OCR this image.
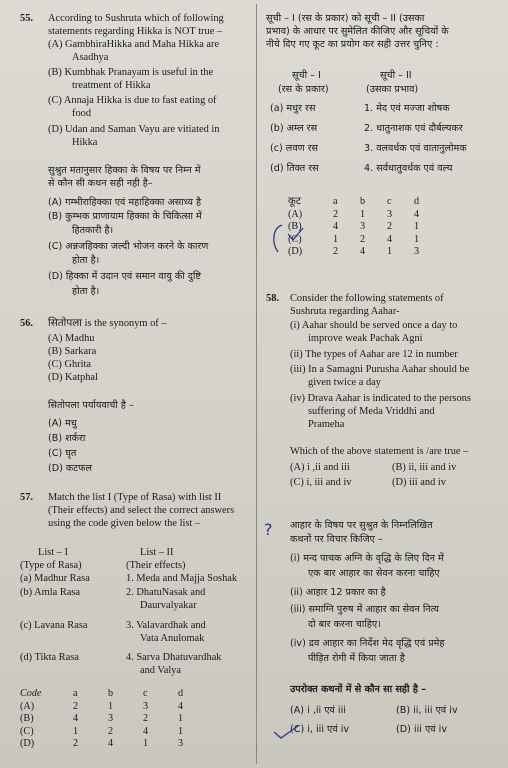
55. According to Sushruta which of following
statements regarding Hikka is NOT true –
(A) GambhiraHikka and Maha Hikka are
Asadhya
(B) Kumbhak Pranayam is useful in the
treatment of Hikka
(C) Annaja Hikka is due to fast eating of
food
(D) Udan and Saman Vayu are vitiated in
Hikka
सुश्रुत मतानुसार हिक्का के विषय पर निम्न में
से कौन सी कथन सही नही है–
(A) गम्भीराहिक्का एवं महाहिक्का असाध्य है
(B) कुम्भक प्राणायाम हिक्का के चिकित्सा में
हितकारी है।
(C) अन्नजहिक्का जल्दी भोजन करने के कारण
होता है।
(D) हिक्का में उदान एवं समान वायु की दुष्टि
होता है।
56. सितोपला is the synonym of –
(A) Madhu
(B) Sarkara
(C) Ghrita
(D) Katphal
सितोपला पर्यायवाची है –
(A) मधु
(B) शर्करा
(C) घृत
(D) कटफल
57. Match the list I (Type of Rasa) with list II
(Their effects) and select the correct answers
using the code given below the list –
List – I
(Type of Rasa)
List – II
(Their effects)
(a) Madhur Rasa	1. Meda and Majja Soshak
(b) Amla Rasa	2. DhatuNasak and
Daurvalyakar
(c) Lavana Rasa	3. Valavardhak and
Vata Anulomak
(d) Tikta Rasa	4. Sarva Dhatuvardhak
and Valya
Code	a	b	c	d
(A)	2	1	3	4
(B)	4	3	2	1
(C)	1	2	4	1
(D)	2	4	1	3
सूची – I (रस के प्रकार) को सूची – II (उसका
प्रभाव) के आधार पर सुमेलित कीजिए और सूचियों के
नीचे दिए गए कूट का प्रयोग कर सही उत्तर चुनिए :
सूची – I
(रस के प्रकार)
सूची – II
(उसका प्रभाव)
(a) मधुर रस	1. मेद एवं मज्जा शोषक
(b) अम्ल रस	2. धातुनाशक एवं दौर्बल्यकर
(c) लवण रस	3. वलवर्धक एवं वातानुलोमक
(d) तिक्त रस	4. सर्वधातुवर्धक एवं वल्य
कूट	a	b	c	d
(A)	2	1	3	4
(B)	4	3	2	1
(C)	1	2	4	1
(D)	2	4	1	3
58. Consider the following statements of
Sushruta regarding Aahar-
(i) Aahar should be served once a day to
improve weak Pachak Agni
(ii) The types of Aahar are 12 in number
(iii) In a Samagni Purusha Aahar should be
given twice a day
(iv) Drava Aahar is indicated to the persons
suffering of Meda Vriddhi and
Prameha
Which of the above statement is /are true –
(A) i ,ii and iii	(B) ii, iii and iv
(C) i, iii and iv	(D) iii and iv
? आहार के विषय पर सुश्रुत के निम्नलिखित
कथनों पर विचार किजिए –
(i) मन्द पाचक अग्नि के वृद्धि के लिए दिन में
एक बार आहार का सेवन करना चाहिए
(ii) आहार 12 प्रकार का है
(iii) समाग्नि पुरुष में आहार का सेवन नित्य
दो बार करना चाहिए।
(iv) द्रव आहार का निर्देश मेद वृद्धि एवं प्रमेह
पीड़ित रोगी में किया जाता है
उपरोक्त कथनों में से कौन सा सही है –
(A) i ,ii एवं iii	(B) ii, iii एवं iv
(C) i, iii एवं iv	(D) iii एवं iv
